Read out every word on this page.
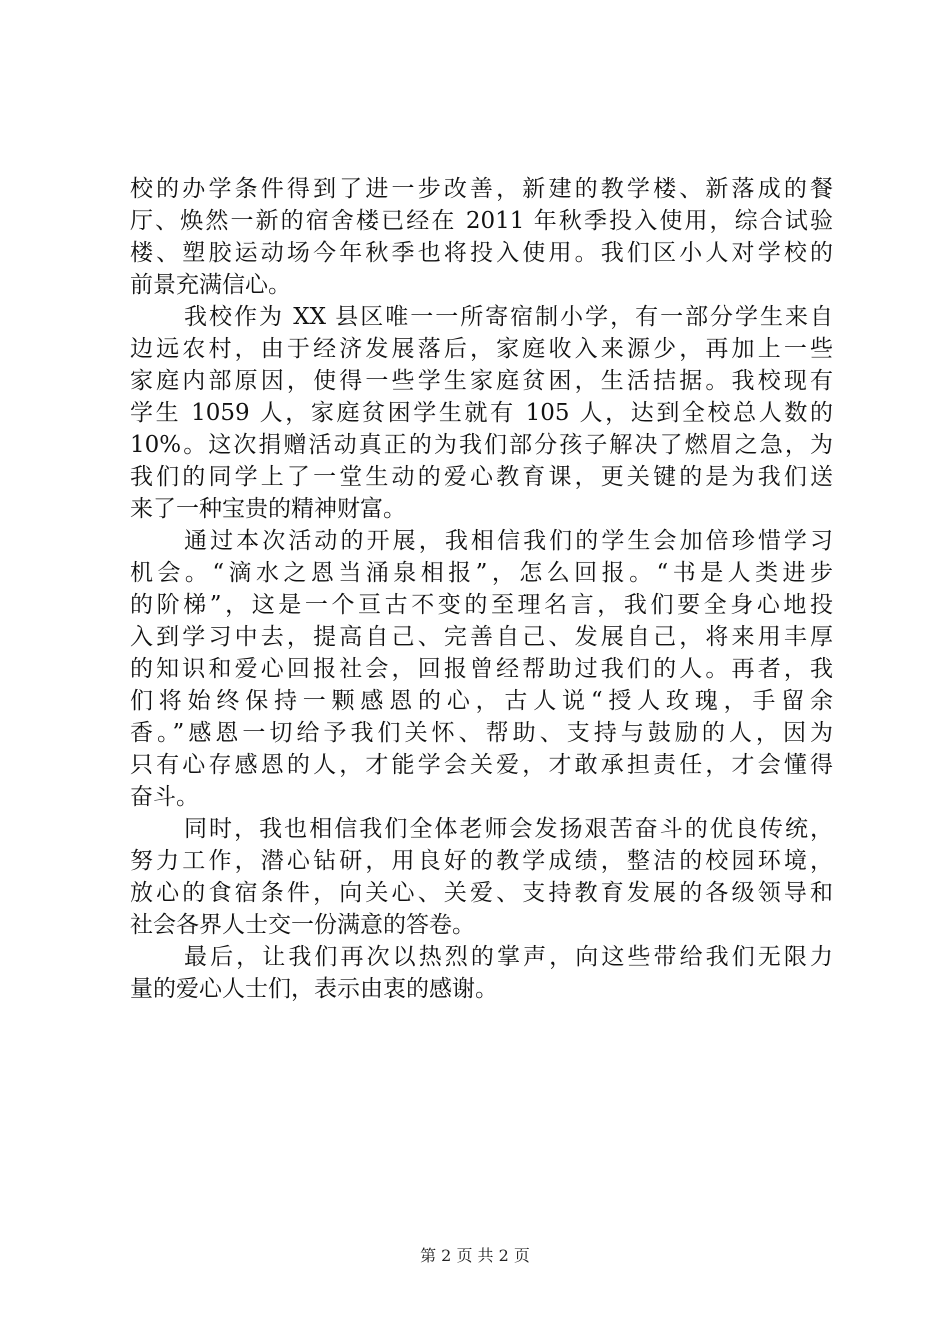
校的办学条件得到了进一步改善，新建的教学楼、新落成的餐
厅、焕然一新的宿舍楼已经在 2011 年秋季投入使用，综合试验
楼、塑胶运动场今年秋季也将投入使用。我们区小人对学校的
前景充满信心。
我校作为 XX 县区唯一一所寄宿制小学，有一部分学生来自
边远农村，由于经济发展落后，家庭收入来源少，再加上一些
家庭内部原因，使得一些学生家庭贫困，生活拮据。我校现有
学生 1059 人，家庭贫困学生就有 105 人，达到全校总人数的
10%。这次捐赠活动真正的为我们部分孩子解决了燃眉之急，为
我们的同学上了一堂生动的爱心教育课，更关键的是为我们送
来了一种宝贵的精神财富。
通过本次活动的开展，我相信我们的学生会加倍珍惜学习
机会。“滴水之恩当涌泉相报”，怎么回报。“书是人类进步
的阶梯”，这是一个亘古不变的至理名言，我们要全身心地投
入到学习中去，提高自己、完善自己、发展自己，将来用丰厚
的知识和爱心回报社会，回报曾经帮助过我们的人。再者，我
们将始终保持一颗感恩的心，古人说“授人玫瑰，手留余
香。”感恩一切给予我们关怀、帮助、支持与鼓励的人，因为
只有心存感恩的人，才能学会关爱，才敢承担责任，才会懂得
奋斗。
同时，我也相信我们全体老师会发扬艰苦奋斗的优良传统，
努力工作，潜心钻研，用良好的教学成绩，整洁的校园环境，
放心的食宿条件，向关心、关爱、支持教育发展的各级领导和
社会各界人士交一份满意的答卷。
最后，让我们再次以热烈的掌声，向这些带给我们无限力
量的爱心人士们，表示由衷的感谢。
第 2 页 共 2 页
